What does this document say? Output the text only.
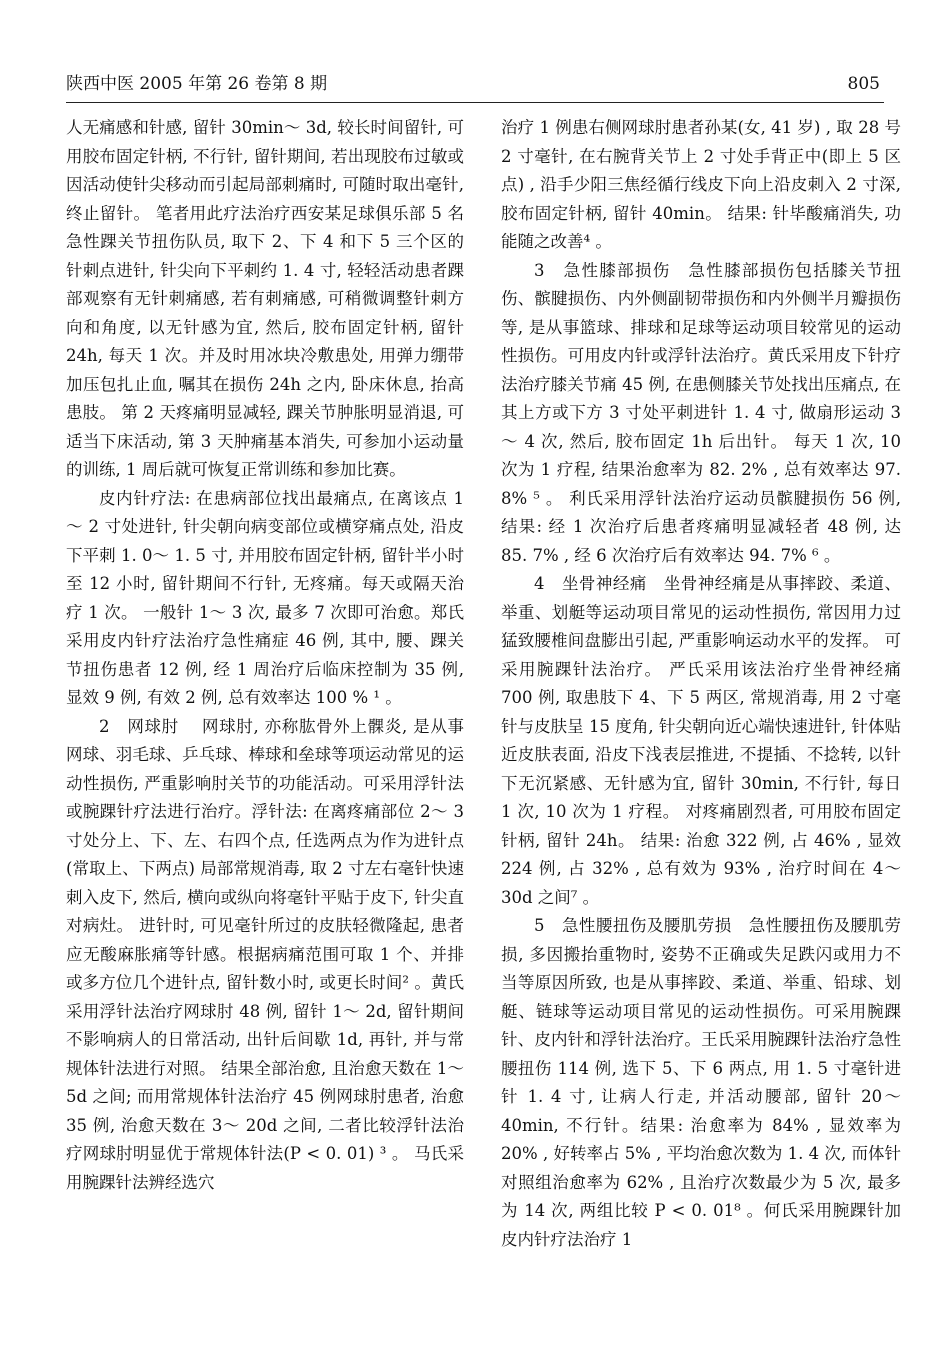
陕西中医 2005 年第 26 卷第 8 期	805

人无痛感和针感, 留针 30min～ 3d, 较长时间留针, 可用胶布固定针柄, 不行针, 留针期间, 若出现胶布过敏或因活动使针尖移动而引起局部刺痛时, 可随时取出毫针, 终止留针。 笔者用此疗法治疗西安某足球俱乐部 5 名急性踝关节扭伤队员, 取下 2、下 4 和下 5 三个区的针刺点进针, 针尖向下平刺约 1. 4 寸, 轻轻活动患者踝部观察有无针刺痛感, 若有刺痛感, 可稍微调整针刺方向和角度, 以无针感为宜, 然后, 胶布固定针柄, 留针 24h, 每天 1 次。并及时用冰块冷敷患处, 用弹力绷带加压包扎止血, 嘱其在损伤 24h 之内, 卧床休息, 抬高患肢。 第 2 天疼痛明显减轻, 踝关节肿胀明显消退, 可适当下床活动, 第 3 天肿痛基本消失, 可参加小运动量的训练, 1 周后就可恢复正常训练和参加比赛。

皮内针疗法: 在患病部位找出最痛点, 在离该点 1～ 2 寸处进针, 针尖朝向病变部位或横穿痛点处, 沿皮下平刺 1. 0～ 1. 5 寸, 并用胶布固定针柄, 留针半小时至 12 小时, 留针期间不行针, 无疼痛。每天或隔天治疗 1 次。 一般针 1～ 3 次, 最多 7 次即可治愈。郑氏采用皮内针疗法治疗急性痛症 46 例, 其中, 腰、踝关节扭伤患者 12 例, 经 1 周治疗后临床控制为 35 例, 显效 9 例, 有效 2 例, 总有效率达 100 % ¹ 。

2　网球肘　 网球肘, 亦称肱骨外上髁炎, 是从事网球、羽毛球、乒乓球、棒球和垒球等项运动常见的运动性损伤, 严重影响肘关节的功能活动。可采用浮针法或腕踝针疗法进行治疗。浮针法: 在离疼痛部位 2～ 3 寸处分上、下、左、右四个点, 任选两点为作为进针点(常取上、下两点) 局部常规消毒, 取 2 寸左右毫针快速刺入皮下, 然后, 横向或纵向将毫针平贴于皮下, 针尖直对病灶。 进针时, 可见毫针所过的皮肤轻微隆起, 患者应无酸麻胀痛等针感。根据病痛范围可取 1 个、并排或多方位几个进针点, 留针数小时, 或更长时间² 。黄氏采用浮针法治疗网球肘 48 例, 留针 1～ 2d, 留针期间不影响病人的日常活动, 出针后间歇 1d, 再针, 并与常规体针法进行对照。 结果全部治愈, 且治愈天数在 1～ 5d 之间; 而用常规体针法治疗 45 例网球肘患者, 治愈 35 例, 治愈天数在 3～ 20d 之间, 二者比较浮针法治疗网球肘明显优于常规体针法(P < 0. 01) ³ 。 马氏采用腕踝针法辨经选穴

治疗 1 例患右侧网球肘患者孙某(女, 41 岁) , 取 28 号 2 寸毫针, 在右腕背关节上 2 寸处手背正中(即上 5 区点) , 沿手少阳三焦经循行线皮下向上沿皮刺入 2 寸深, 胶布固定针柄, 留针 40min。 结果: 针毕酸痛消失, 功能随之改善⁴ 。

3　急性膝部损伤　急性膝部损伤包括膝关节扭伤、髌腱损伤、内外侧副韧带损伤和内外侧半月瓣损伤等, 是从事篮球、排球和足球等运动项目较常见的运动性损伤。可用皮内针或浮针法治疗。黄氏采用皮下针疗法治疗膝关节痛 45 例, 在患侧膝关节处找出压痛点, 在其上方或下方 3 寸处平刺进针 1. 4 寸, 做扇形运动 3～ 4 次, 然后, 胶布固定 1h 后出针。 每天 1 次, 10 次为 1 疗程, 结果治愈率为 82. 2% , 总有效率达 97. 8% ⁵ 。 利氏采用浮针法治疗运动员髌腱损伤 56 例, 结果: 经 1 次治疗后患者疼痛明显减轻者 48 例, 达 85. 7% , 经 6 次治疗后有效率达 94. 7% ⁶ 。

4　坐骨神经痛　坐骨神经痛是从事摔跤、柔道、举重、划艇等运动项目常见的运动性损伤, 常因用力过猛致腰椎间盘膨出引起, 严重影响运动水平的发挥。 可采用腕踝针法治疗。 严氏采用该法治疗坐骨神经痛 700 例, 取患肢下 4、下 5 两区, 常规消毒, 用 2 寸毫针与皮肤呈 15 度角, 针尖朝向近心端快速进针, 针体贴近皮肤表面, 沿皮下浅表层推进, 不提插、不捻转, 以针下无沉紧感、无针感为宜, 留针 30min, 不行针, 每日 1 次, 10 次为 1 疗程。 对疼痛剧烈者, 可用胶布固定针柄, 留针 24h。 结果: 治愈 322 例, 占 46% , 显效 224 例, 占 32% , 总有效为 93% , 治疗时间在 4～ 30d 之间⁷ 。

5　急性腰扭伤及腰肌劳损　急性腰扭伤及腰肌劳损, 多因搬抬重物时, 姿势不正确或失足跌闪或用力不当等原因所致, 也是从事摔跤、柔道、举重、铅球、划艇、链球等运动项目常见的运动性损伤。可采用腕踝针、皮内针和浮针法治疗。王氏采用腕踝针法治疗急性腰扭伤 114 例, 选下 5、下 6 两点, 用 1. 5 寸毫针进针 1. 4 寸, 让病人行走, 并活动腰部, 留针 20～ 40min, 不行针。结果: 治愈率为 84% , 显效率为 20% , 好转率占 5% , 平均治愈次数为 1. 4 次, 而体针对照组治愈率为 62% , 且治疗次数最少为 5 次, 最多为 14 次, 两组比较 P < 0. 01⁸ 。何氏采用腕踝针加皮内针疗法治疗 1
